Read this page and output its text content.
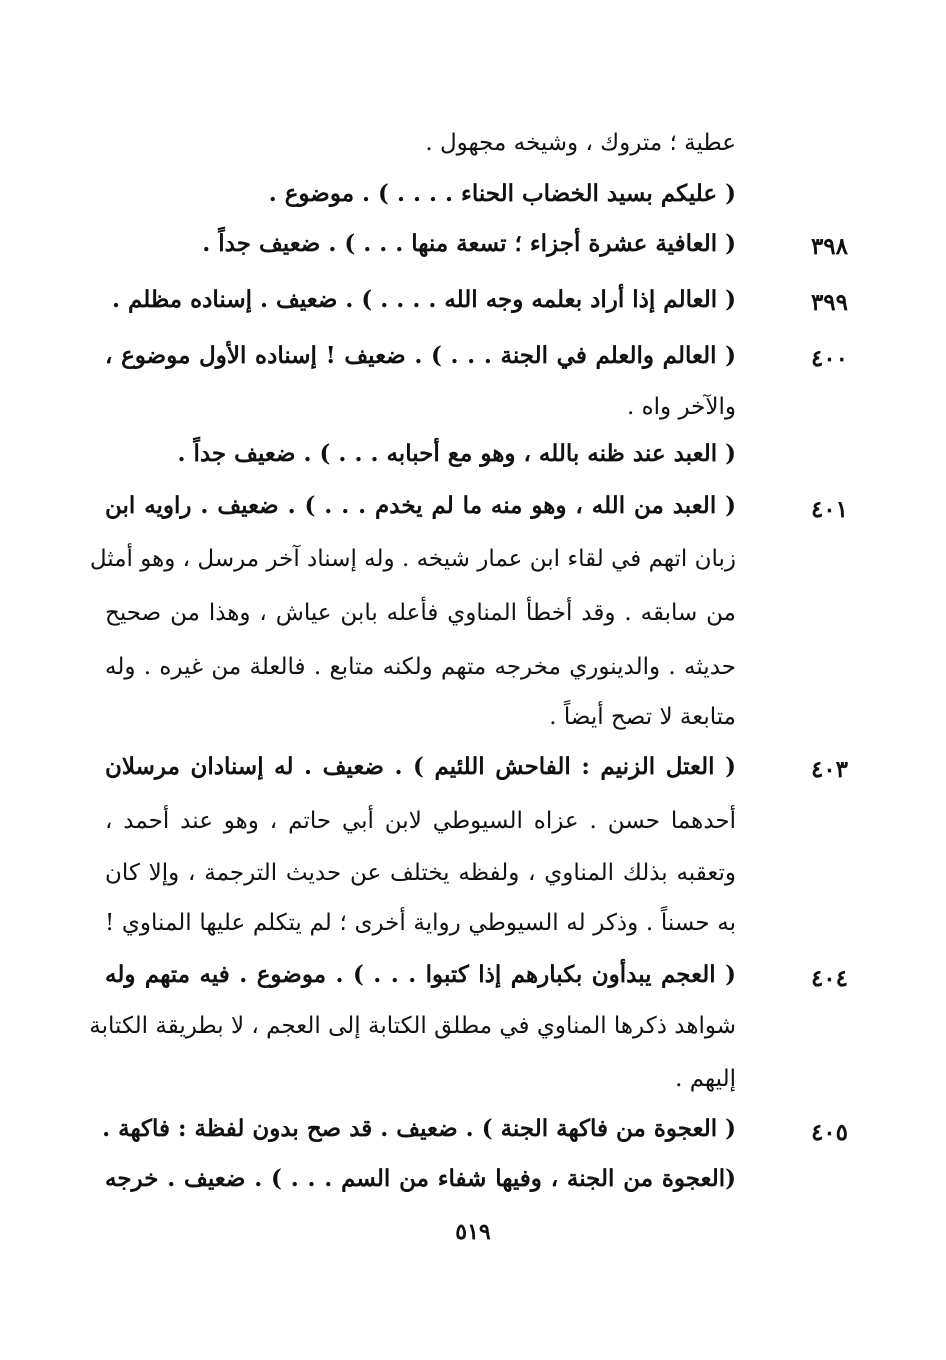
عطية ؛ متروك ، وشيخه مجهول .
( عليكم بسيد الخضاب الحناء . . . . ) . موضوع .
٣٩٨
( العافية عشرة أجزاء ؛ تسعة منها . . . ) . ضعيف جداً .
٣٩٩
( العالم إذا أراد بعلمه وجه الله . . . . ) . ضعيف . إسناده مظلم .
٤٠٠
( العالم والعلم في الجنة . . . ) . ضعيف ! إسناده الأول موضوع ،
والآخر واه .
( العبد عند ظنه بالله ، وهو مع أحبابه . . . ) . ضعيف جداً .
٤٠١
( العبد من الله ، وهو منه ما لم يخدم . . . ) . ضعيف . راويه ابن
زبان اتهم في لقاء ابن عمار شيخه . وله إسناد آخر مرسل ، وهو أمثل
من سابقه . وقد أخطأ المناوي فأعله بابن عياش ، وهذا من صحيح
حديثه . والدينوري مخرجه متهم ولكنه متابع . فالعلة من غيره . وله
متابعة لا تصح أيضاً .
٤٠٣
( العتل الزنيم : الفاحش اللئيم ) . ضعيف . له إسنادان مرسلان
أحدهما حسن . عزاه السيوطي لابن أبي حاتم ، وهو عند أحمد ،
وتعقبه بذلك المناوي ، ولفظه يختلف عن حديث الترجمة ، وإلا كان
به حسناً . وذكر له السيوطي رواية أخرى ؛ لم يتكلم عليها المناوي !
٤٠٤
( العجم يبدأون بكبارهم إذا كتبوا . . . ) . موضوع . فيه متهم وله
شواهد ذكرها المناوي في مطلق الكتابة إلى العجم ، لا بطريقة الكتابة
إليهم .
٤٠٥
( العجوة من فاكهة الجنة ) . ضعيف . قد صح بدون لفظة : فاكهة .
(العجوة من الجنة ، وفيها شفاء من السم . . . ) . ضعيف . خرجه
٥١٩
